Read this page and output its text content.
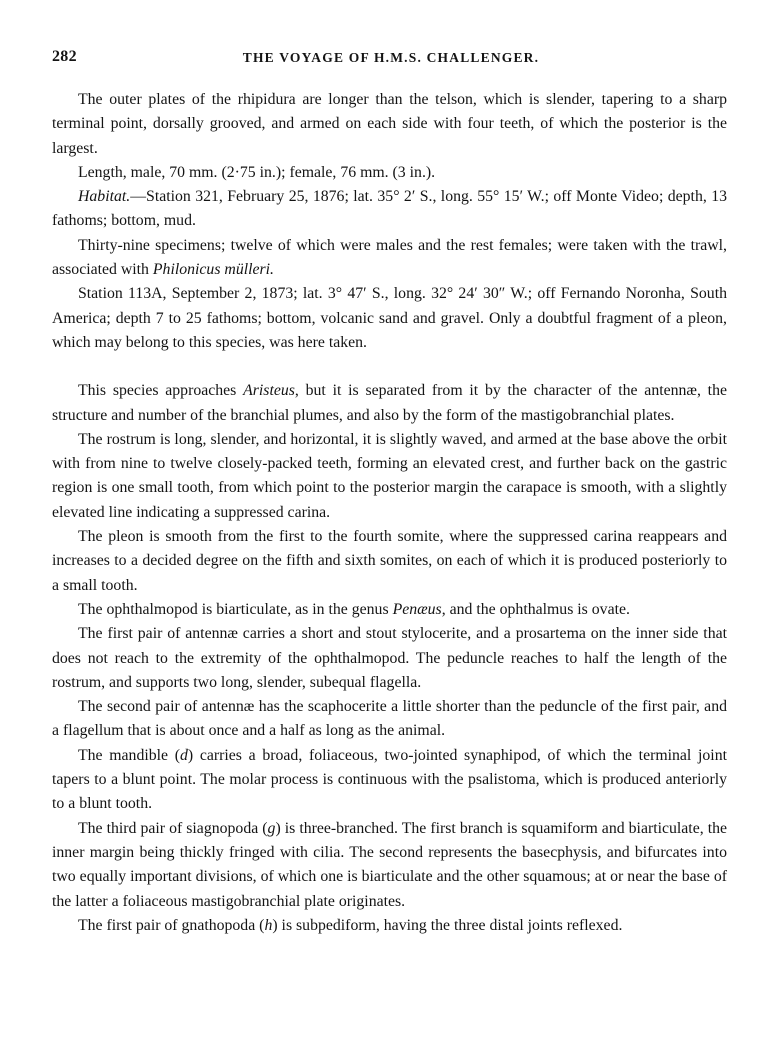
282	THE VOYAGE OF H.M.S. CHALLENGER.

The outer plates of the rhipidura are longer than the telson, which is slender, tapering to a sharp terminal point, dorsally grooved, and armed on each side with four teeth, of which the posterior is the largest.

Length, male, 70 mm. (2·75 in.); female, 76 mm. (3 in.).

Habitat.—Station 321, February 25, 1876; lat. 35° 2′ S., long. 55° 15′ W.; off Monte Video; depth, 13 fathoms; bottom, mud.

Thirty-nine specimens; twelve of which were males and the rest females; were taken with the trawl, associated with Philonicus mülleri.

Station 113A, September 2, 1873; lat. 3° 47′ S., long. 32° 24′ 30″ W.; off Fernando Noronha, South America; depth 7 to 25 fathoms; bottom, volcanic sand and gravel. Only a doubtful fragment of a pleon, which may belong to this species, was here taken.

This species approaches Aristeus, but it is separated from it by the character of the antennæ, the structure and number of the branchial plumes, and also by the form of the mastigobranchial plates.

The rostrum is long, slender, and horizontal, it is slightly waved, and armed at the base above the orbit with from nine to twelve closely-packed teeth, forming an elevated crest, and further back on the gastric region is one small tooth, from which point to the posterior margin the carapace is smooth, with a slightly elevated line indicating a suppressed carina.

The pleon is smooth from the first to the fourth somite, where the suppressed carina reappears and increases to a decided degree on the fifth and sixth somites, on each of which it is produced posteriorly to a small tooth.

The ophthalmopod is biarticulate, as in the genus Penæus, and the ophthalmus is ovate.

The first pair of antennæ carries a short and stout stylocerite, and a prosartema on the inner side that does not reach to the extremity of the ophthalmopod. The peduncle reaches to half the length of the rostrum, and supports two long, slender, subequal flagella.

The second pair of antennæ has the scaphocerite a little shorter than the peduncle of the first pair, and a flagellum that is about once and a half as long as the animal.

The mandible (d) carries a broad, foliaceous, two-jointed synaphipod, of which the terminal joint tapers to a blunt point. The molar process is continuous with the psalistoma, which is produced anteriorly to a blunt tooth.

The third pair of siagnopoda (g) is three-branched. The first branch is squamiform and biarticulate, the inner margin being thickly fringed with cilia. The second represents the basecphysis, and bifurcates into two equally important divisions, of which one is biarticulate and the other squamous; at or near the base of the latter a foliaceous mastigobranchial plate originates.

The first pair of gnathopoda (h) is subpediform, having the three distal joints reflexed.
